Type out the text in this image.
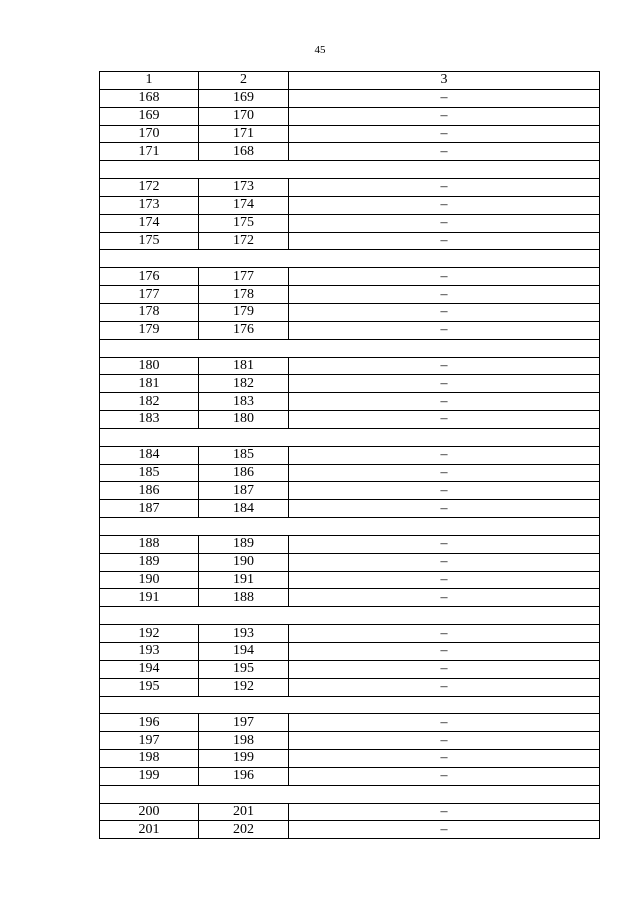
45
1	2	3
168	169	–
169	170	–
170	171	–
171	168	–

172	173	–
173	174	–
174	175	–
175	172	–

176	177	–
177	178	–
178	179	–
179	176	–

180	181	–
181	182	–
182	183	–
183	180	–

184	185	–
185	186	–
186	187	–
187	184	–

188	189	–
189	190	–
190	191	–
191	188	–

192	193	–
193	194	–
194	195	–
195	192	–

196	197	–
197	198	–
198	199	–
199	196	–

200	201	–
201	202	–
